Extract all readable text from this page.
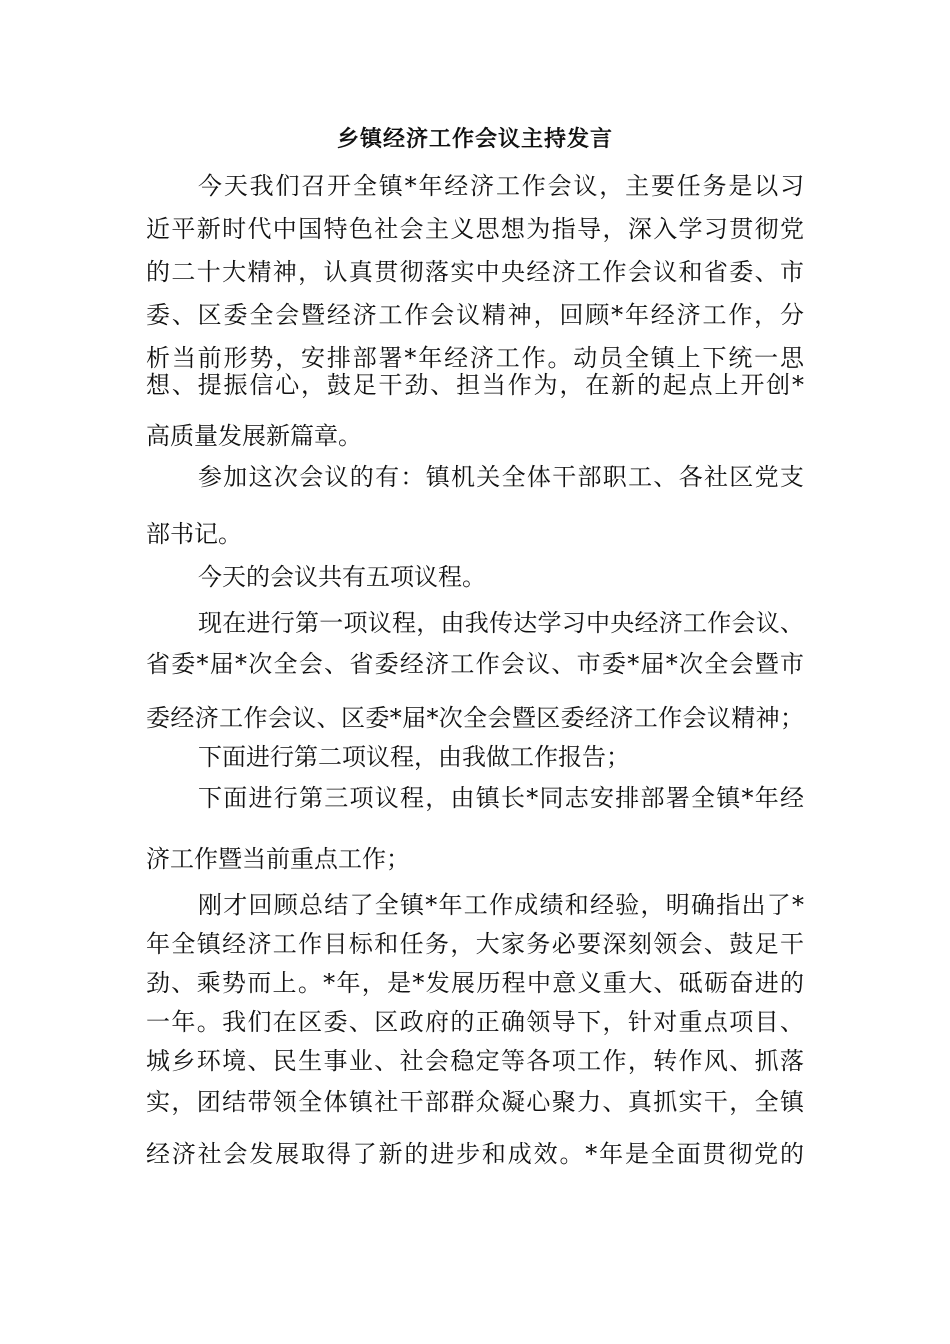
乡镇经济工作会议主持发言
今天我们召开全镇*年经济工作会议，主要任务是以习
近平新时代中国特色社会主义思想为指导，深入学习贯彻党
的二十大精神，认真贯彻落实中央经济工作会议和省委、市
委、区委全会暨经济工作会议精神，回顾*年经济工作，分
析当前形势，安排部署*年经济工作。动员全镇上下统一思
想、提振信心，鼓足干劲、担当作为，在新的起点上开创*
高质量发展新篇章。
参加这次会议的有：镇机关全体干部职工、各社区党支
部书记。
今天的会议共有五项议程。
现在进行第一项议程，由我传达学习中央经济工作会议、
省委*届*次全会、省委经济工作会议、市委*届*次全会暨市
委经济工作会议、区委*届*次全会暨区委经济工作会议精神；
下面进行第二项议程，由我做工作报告；
下面进行第三项议程，由镇长*同志安排部署全镇*年经
济工作暨当前重点工作；
刚才回顾总结了全镇*年工作成绩和经验，明确指出了*
年全镇经济工作目标和任务，大家务必要深刻领会、鼓足干
劲、乘势而上。*年，是*发展历程中意义重大、砥砺奋进的
一年。我们在区委、区政府的正确领导下，针对重点项目、
城乡环境、民生事业、社会稳定等各项工作，转作风、抓落
实，团结带领全体镇社干部群众凝心聚力、真抓实干，全镇
经济社会发展取得了新的进步和成效。*年是全面贯彻党的
